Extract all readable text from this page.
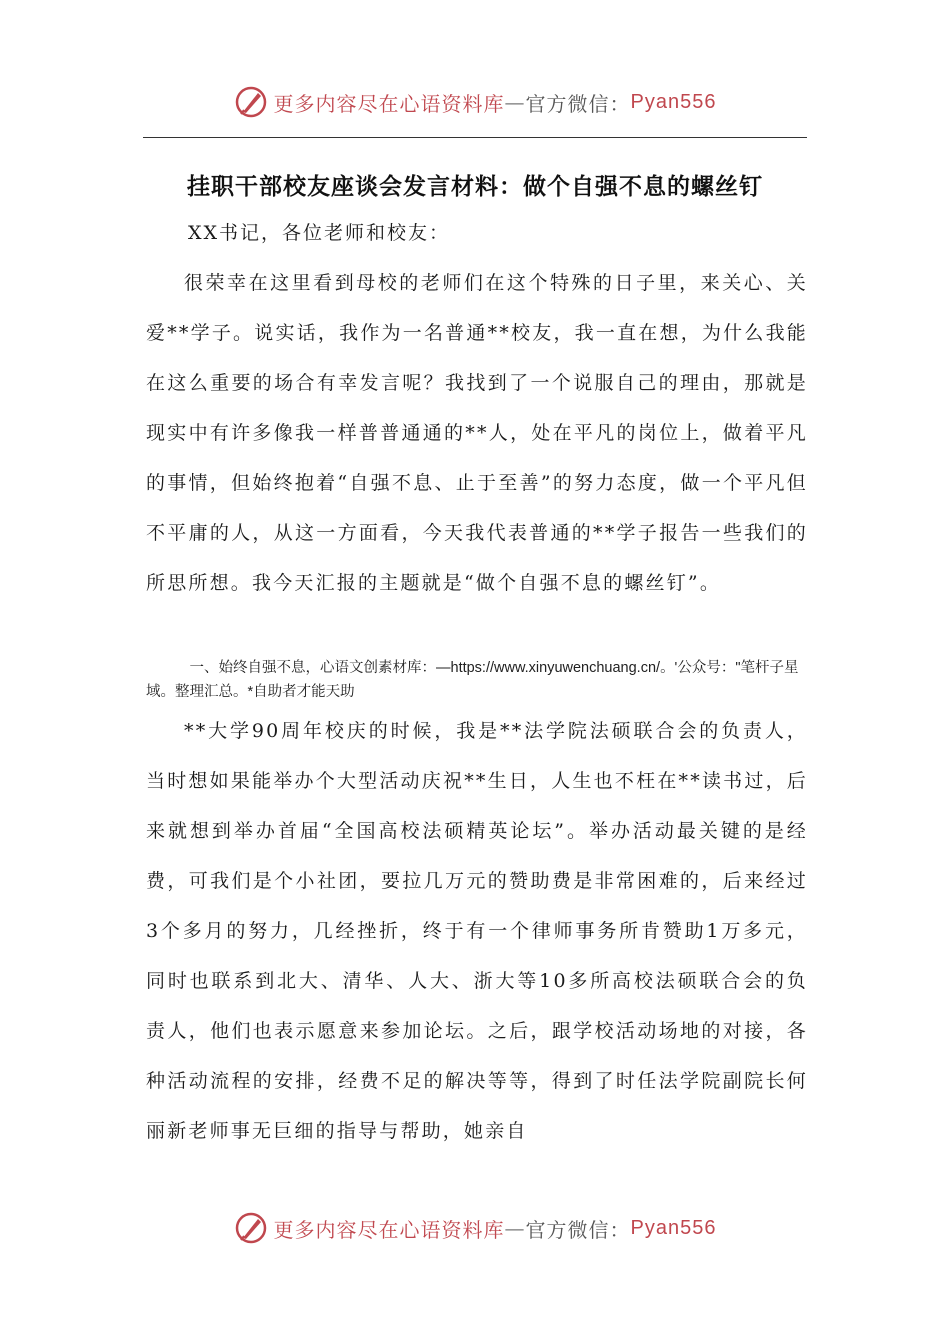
更多内容尽在心语资料库 — 官方微信： Pyan556
挂职干部校友座谈会发言材料：做个自强不息的螺丝钉
XX书记，各位老师和校友：
很荣幸在这里看到母校的老师们在这个特殊的日子里，来关心、关爱**学子。说实话，我作为一名普通**校友，我一直在想，为什么我能在这么重要的场合有幸发言呢？我找到了一个说服自己的理由，那就是现实中有许多像我一样普普通通的**人，处在平凡的岗位上，做着平凡的事情，但始终抱着“自强不息、止于至善”的努力态度，做一个平凡但不平庸的人，从这一方面看，今天我代表普通的**学子报告一些我们的所思所想。我今天汇报的主题就是“做个自强不息的螺丝钉”。
一、始终自强不息，心语文创素材库：—https://www.xinyuwenchuang.cn/。'公众号："笔杆子星域。整理汇总。*自助者才能天助
**大学90周年校庆的时候，我是**法学院法硕联合会的负责人，当时想如果能举办个大型活动庆祝**生日，人生也不枉在**读书过，后来就想到举办首届“全国高校法硕精英论坛”。举办活动最关键的是经费，可我们是个小社团，要拉几万元的赞助费是非常困难的，后来经过3个多月的努力，几经挫折，终于有一个律师事务所肯赞助1万多元，同时也联系到北大、清华、人大、浙大等10多所高校法硕联合会的负责人，他们也表示愿意来参加论坛。之后，跟学校活动场地的对接，各种活动流程的安排，经费不足的解决等等，得到了时任法学院副院长何丽新老师事无巨细的指导与帮助，她亲自
更多内容尽在心语资料库 — 官方微信： Pyan556
